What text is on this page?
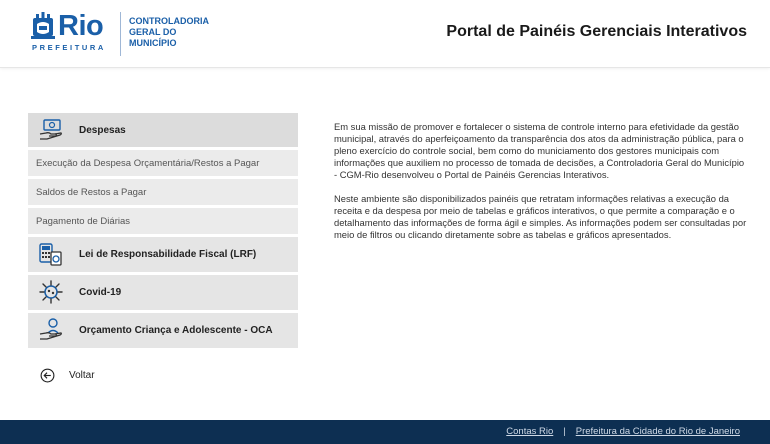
Rio
PREFEITURA
CONTROLADORIA
GERAL DO
MUNICÍPIO
Portal de Painéis Gerenciais Interativos
Despesas
Execução da Despesa Orçamentária/Restos a Pagar
Saldos de Restos a Pagar
Pagamento de Diárias
Lei de Responsabilidade Fiscal (LRF)
Covid-19
Orçamento Criança e Adolescente - OCA
Voltar

Em sua missão de promover e fortalecer o sistema de controle interno para efetividade da gestão municipal, através do aperfeiçoamento da transparência dos atos da administração pública, para o pleno exercício do controle social, bem como do municiamento dos gestores municipais com informações que auxiliem no processo de tomada de decisões, a Controladoria Geral do Município - CGM-Rio desenvolveu o Portal de Painéis Gerencias Interativos.

Neste ambiente são disponibilizados painéis que retratam informações relativas a execução da receita e da despesa por meio de tabelas e gráficos interativos, o que permite a comparação e o detalhamento das informações de forma ágil e simples. As informações podem ser consultadas por meio de filtros ou clicando diretamente sobre as tabelas e gráficos apresentados.

Contas Rio | Prefeitura da Cidade do Rio de Janeiro
